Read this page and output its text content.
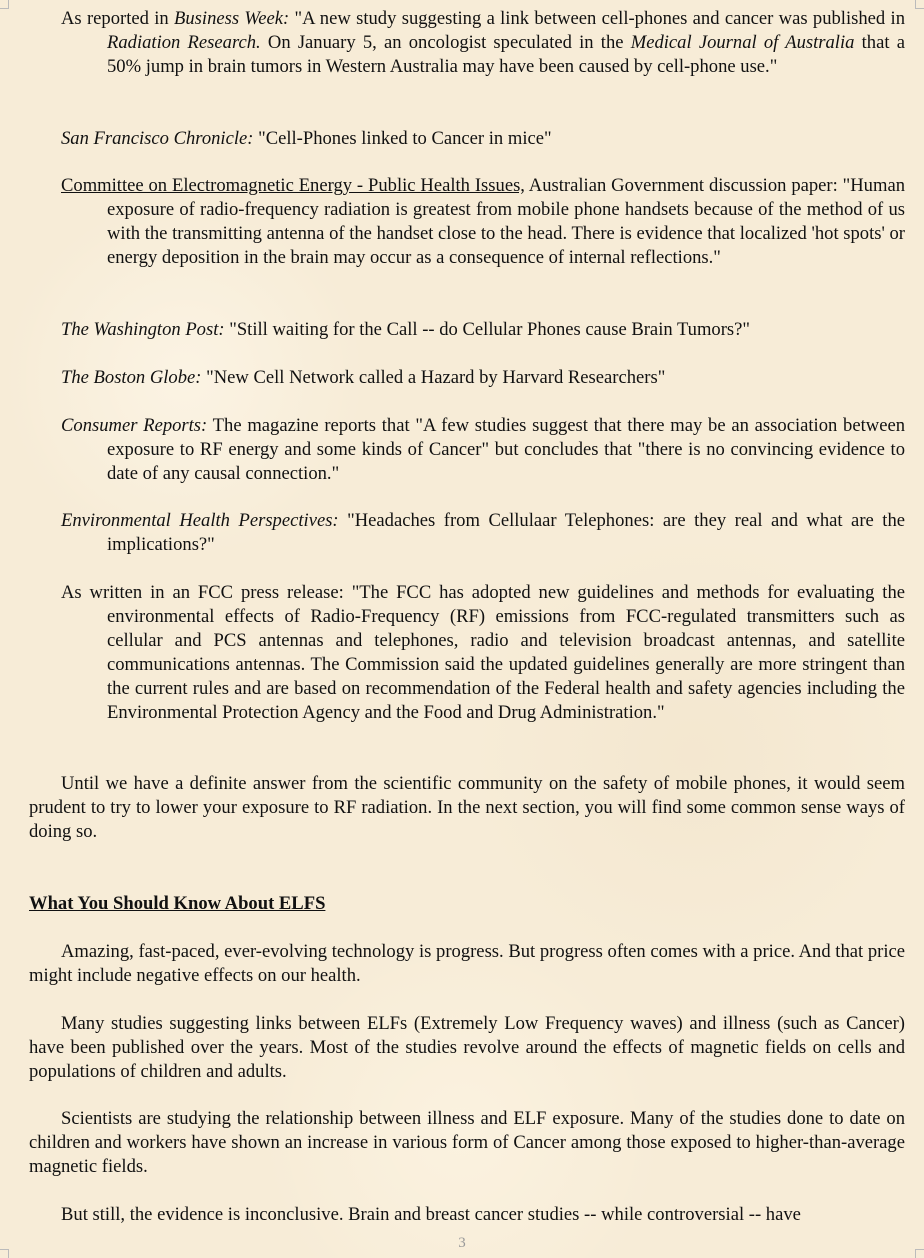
As reported in Business Week: "A new study suggesting a link between cell-phones and cancer was published in Radiation Research. On January 5, an oncologist speculated in the Medical Journal of Australia that a 50% jump in brain tumors in Western Australia may have been caused by cell-phone use."

San Francisco Chronicle: "Cell-Phones linked to Cancer in mice"

Committee on Electromagnetic Energy - Public Health Issues, Australian Government discussion paper: "Human exposure of radio-frequency radiation is greatest from mobile phone handsets because of the method of us with the transmitting antenna of the handset close to the head. There is evidence that localized 'hot spots' or energy deposition in the brain may occur as a consequence of internal reflections."

The Washington Post: "Still waiting for the Call -- do Cellular Phones cause Brain Tumors?"

The Boston Globe: "New Cell Network called a Hazard by Harvard Researchers"

Consumer Reports: The magazine reports that "A few studies suggest that there may be an association between exposure to RF energy and some kinds of Cancer" but concludes that "there is no convincing evidence to date of any causal connection."

Environmental Health Perspectives: "Headaches from Cellulaar Telephones: are they real and what are the implications?"

As written in an FCC press release: "The FCC has adopted new guidelines and methods for evaluating the environmental effects of Radio-Frequency (RF) emissions from FCC-regulated transmitters such as cellular and PCS antennas and telephones, radio and television broadcast antennas, and satellite communications antennas. The Commission said the updated guidelines generally are more stringent than the current rules and are based on recommendation of the Federal health and safety agencies including the Environmental Protection Agency and the Food and Drug Administration."

Until we have a definite answer from the scientific community on the safety of mobile phones, it would seem prudent to try to lower your exposure to RF radiation. In the next section, you will find some common sense ways of doing so.

What You Should Know About ELFS

Amazing, fast-paced, ever-evolving technology is progress. But progress often comes with a price. And that price might include negative effects on our health.

Many studies suggesting links between ELFs (Extremely Low Frequency waves) and illness (such as Cancer) have been published over the years. Most of the studies revolve around the effects of magnetic fields on cells and populations of children and adults.

Scientists are studying the relationship between illness and ELF exposure. Many of the studies done to date on children and workers have shown an increase in various form of Cancer among those exposed to higher-than-average magnetic fields.

But still, the evidence is inconclusive. Brain and breast cancer studies -- while controversial -- have

3
